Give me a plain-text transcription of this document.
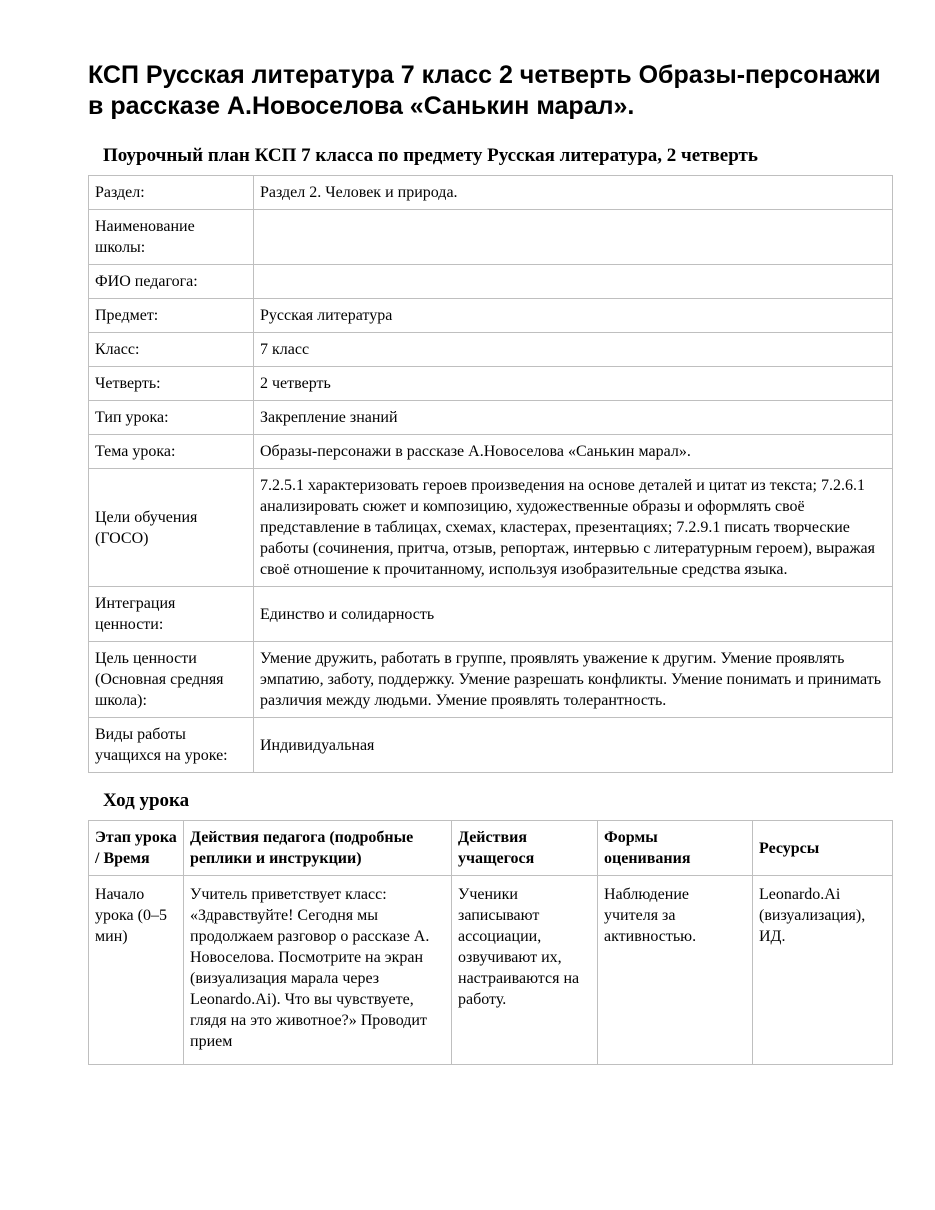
КСП Русская литература 7 класс 2 четверть Образы-персонажи в рассказе А.Новоселова «Санькин марал».
Поурочный план КСП 7 класса по предмету Русская литература, 2 четверть
Раздел:	Раздел 2. Человек и природа.
Наименование школы:	
ФИО педагога:	
Предмет:	Русская литература
Класс:	7 класс
Четверть:	2 четверть
Тип урока:	Закрепление знаний
Тема урока:	Образы-персонажи в рассказе А.Новоселова «Санькин марал».
Цели обучения (ГОСО)	7.2.5.1 характеризовать героев произведения на основе деталей и цитат из текста; 7.2.6.1 анализировать сюжет и композицию, художественные образы и оформлять своё представление в таблицах, схемах, кластерах, презентациях; 7.2.9.1 писать творческие работы (сочинения, притча, отзыв, репортаж, интервью с литературным героем), выражая своё отношение к прочитанному, используя изобразительные средства языка.
Интеграция ценности:	Единство и солидарность
Цель ценности (Основная средняя школа):	Умение дружить, работать в группе, проявлять уважение к другим. Умение проявлять эмпатию, заботу, поддержку. Умение разрешать конфликты. Умение понимать и принимать различия между людьми. Умение проявлять толерантность.
Виды работы учащихся на уроке:	Индивидуальная
Ход урока
Этап урока / Время	Действия педагога (подробные реплики и инструкции)	Действия учащегося	Формы оценивания	Ресурсы
Начало урока (0–5 мин)	Учитель приветствует класс: «Здравствуйте! Сегодня мы продолжаем разговор о рассказе А. Новоселова. Посмотрите на экран (визуализация марала через Leonardo.Ai). Что вы чувствуете, глядя на это животное?» Проводит прием	Ученики записывают ассоциации, озвучивают их, настраиваются на работу.	Наблюдение учителя за активностью.	Leonardo.Ai (визуализация), ИД.
